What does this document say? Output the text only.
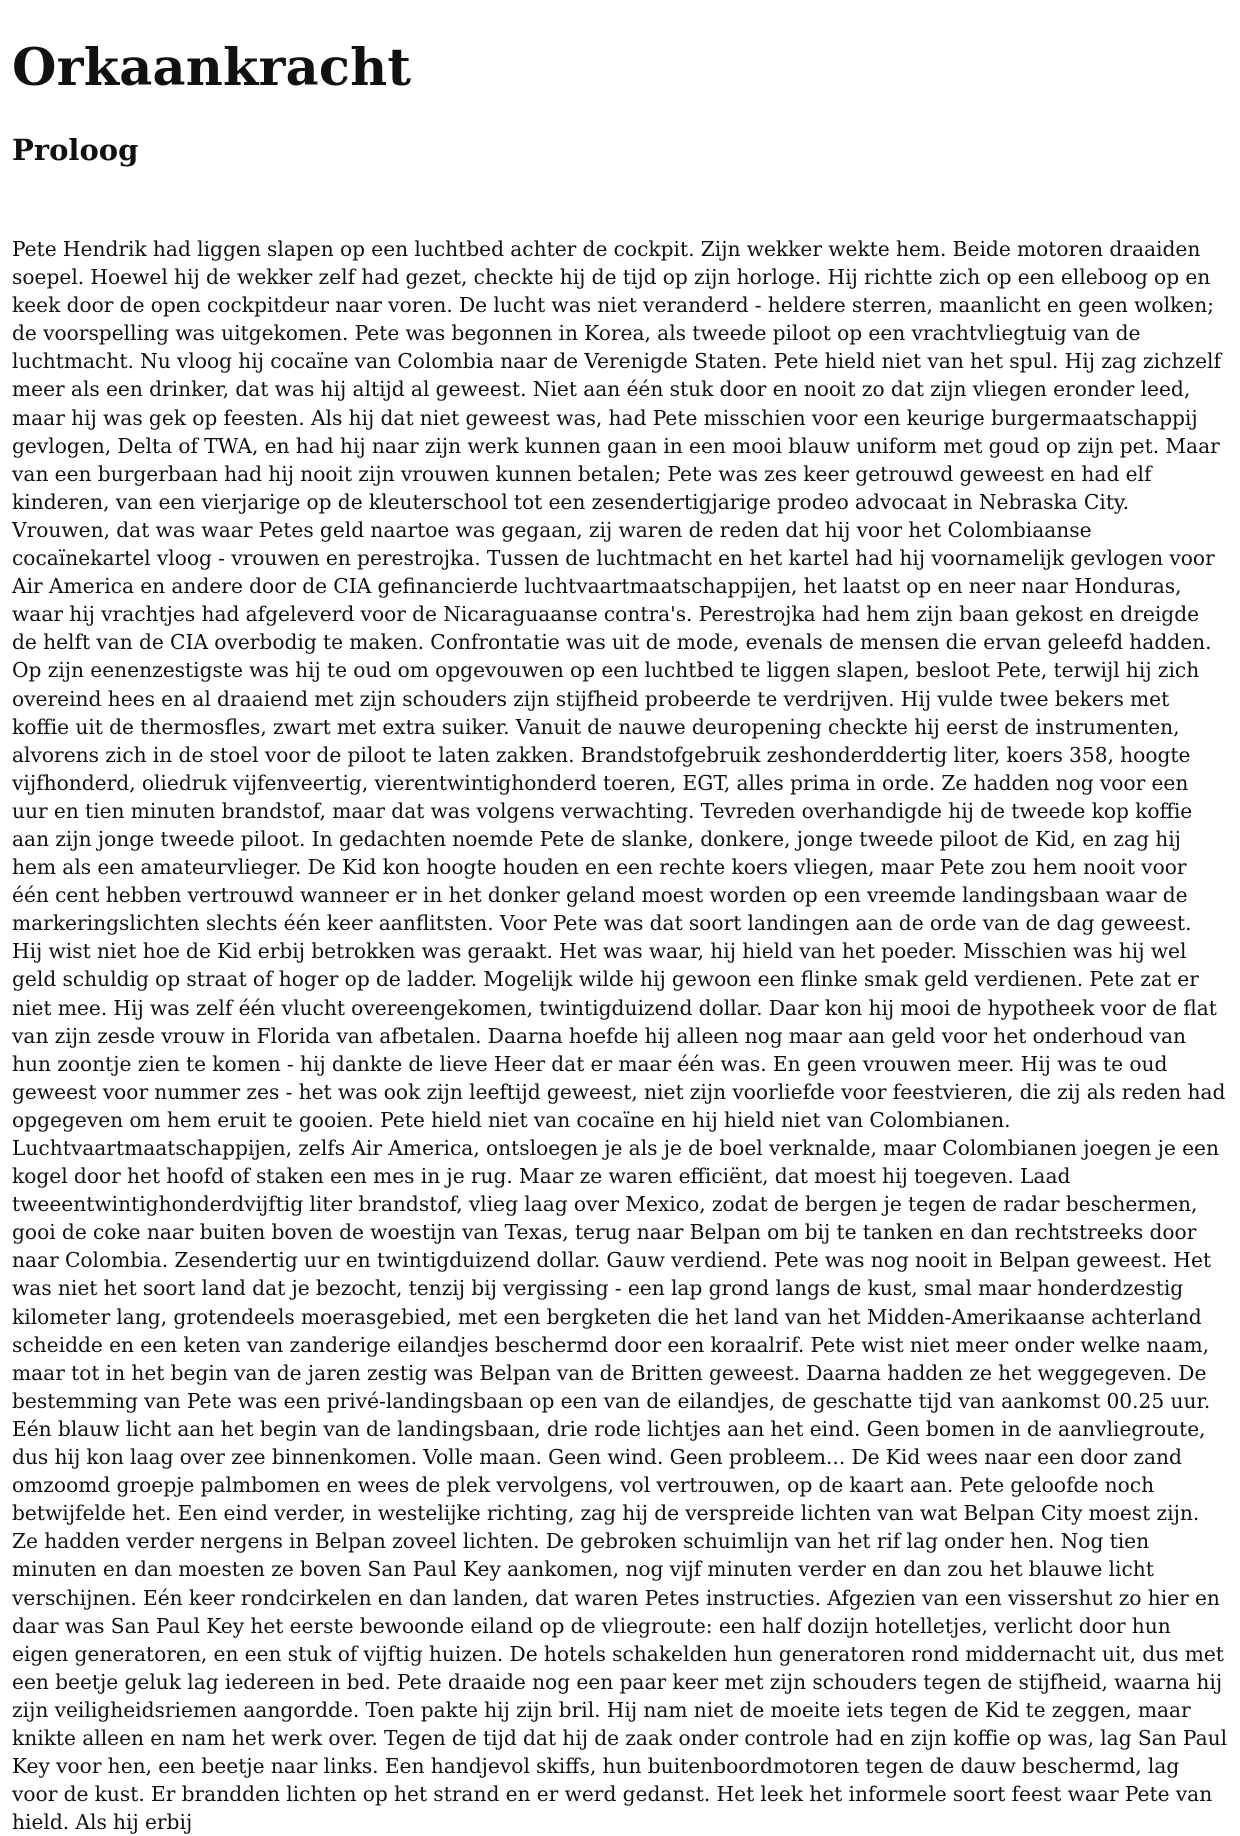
Orkaankracht
Proloog

Pete Hendrik had liggen slapen op een luchtbed achter de cockpit. Zijn wekker wekte hem. Beide motoren draaiden soepel. Hoewel hij de wekker zelf had gezet, checkte hij de tijd op zijn horloge. Hij richtte zich op een elleboog op en keek door de open cockpitdeur naar voren. De lucht was niet veranderd - heldere sterren, maanlicht en geen wolken; de voorspelling was uitgekomen. Pete was begonnen in Korea, als tweede piloot op een vrachtvliegtuig van de luchtmacht. Nu vloog hij cocaïne van Colombia naar de Verenigde Staten. Pete hield niet van het spul. Hij zag zichzelf meer als een drinker, dat was hij altijd al geweest. Niet aan één stuk door en nooit zo dat zijn vliegen eronder leed, maar hij was gek op feesten. Als hij dat niet geweest was, had Pete misschien voor een keurige burgermaatschappij gevlogen, Delta of TWA, en had hij naar zijn werk kunnen gaan in een mooi blauw uniform met goud op zijn pet. Maar van een burgerbaan had hij nooit zijn vrouwen kunnen betalen; Pete was zes keer getrouwd geweest en had elf kinderen, van een vierjarige op de kleuterschool tot een zesendertigjarige prodeo advocaat in Nebraska City. Vrouwen, dat was waar Petes geld naartoe was gegaan, zij waren de reden dat hij voor het Colombiaanse cocaïnekartel vloog - vrouwen en perestrojka. Tussen de luchtmacht en het kartel had hij voornamelijk gevlogen voor Air America en andere door de CIA gefinancierde luchtvaartmaatschappijen, het laatst op en neer naar Honduras, waar hij vrachtjes had afgeleverd voor de Nicaraguaanse contra's. Perestrojka had hem zijn baan gekost en dreigde de helft van de CIA overbodig te maken. Confrontatie was uit de mode, evenals de mensen die ervan geleefd hadden. Op zijn eenenzestigste was hij te oud om opgevouwen op een luchtbed te liggen slapen, besloot Pete, terwijl hij zich overeind hees en al draaiend met zijn schouders zijn stijfheid probeerde te verdrijven. Hij vulde twee bekers met koffie uit de thermosfles, zwart met extra suiker. Vanuit de nauwe deuropening checkte hij eerst de instrumenten, alvorens zich in de stoel voor de piloot te laten zakken. Brandstofgebruik zeshonderddertig liter, koers 358, hoogte vijfhonderd, oliedruk vijfenveertig, vierentwintighonderd toeren, EGT, alles prima in orde. Ze hadden nog voor een uur en tien minuten brandstof, maar dat was volgens verwachting. Tevreden overhandigde hij de tweede kop koffie aan zijn jonge tweede piloot. In gedachten noemde Pete de slanke, donkere, jonge tweede piloot de Kid, en zag hij hem als een amateurvlieger. De Kid kon hoogte houden en een rechte koers vliegen, maar Pete zou hem nooit voor één cent hebben vertrouwd wanneer er in het donker geland moest worden op een vreemde landingsbaan waar de markeringslichten slechts één keer aanflitsten. Voor Pete was dat soort landingen aan de orde van de dag geweest. Hij wist niet hoe de Kid erbij betrokken was geraakt. Het was waar, hij hield van het poeder. Misschien was hij wel geld schuldig op straat of hoger op de ladder. Mogelijk wilde hij gewoon een flinke smak geld verdienen. Pete zat er niet mee. Hij was zelf één vlucht overeengekomen, twintigduizend dollar. Daar kon hij mooi de hypotheek voor de flat van zijn zesde vrouw in Florida van afbetalen. Daarna hoefde hij alleen nog maar aan geld voor het onderhoud van hun zoontje zien te komen - hij dankte de lieve Heer dat er maar één was. En geen vrouwen meer. Hij was te oud geweest voor nummer zes - het was ook zijn leeftijd geweest, niet zijn voorliefde voor feestvieren, die zij als reden had opgegeven om hem eruit te gooien. Pete hield niet van cocaïne en hij hield niet van Colombianen. Luchtvaartmaatschappijen, zelfs Air America, ontsloegen je als je de boel verknalde, maar Colombianen joegen je een kogel door het hoofd of staken een mes in je rug. Maar ze waren efficiënt, dat moest hij toegeven. Laad tweeentwintighonderdvijftig liter brandstof, vlieg laag over Mexico, zodat de bergen je tegen de radar beschermen, gooi de coke naar buiten boven de woestijn van Texas, terug naar Belpan om bij te tanken en dan rechtstreeks door naar Colombia. Zesendertig uur en twintigduizend dollar. Gauw verdiend. Pete was nog nooit in Belpan geweest. Het was niet het soort land dat je bezocht, tenzij bij vergissing - een lap grond langs de kust, smal maar honderdzestig kilometer lang, grotendeels moerasgebied, met een bergketen die het land van het Midden-Amerikaanse achterland scheidde en een keten van zanderige eilandjes beschermd door een koraalrif. Pete wist niet meer onder welke naam, maar tot in het begin van de jaren zestig was Belpan van de Britten geweest. Daarna hadden ze het weggegeven. De bestemming van Pete was een privé-landingsbaan op een van de eilandjes, de geschatte tijd van aankomst 00.25 uur. Eén blauw licht aan het begin van de landingsbaan, drie rode lichtjes aan het eind. Geen bomen in de aanvliegroute, dus hij kon laag over zee binnenkomen. Volle maan. Geen wind. Geen probleem... De Kid wees naar een door zand omzoomd groepje palmbomen en wees de plek vervolgens, vol vertrouwen, op de kaart aan. Pete geloofde noch betwijfelde het. Een eind verder, in westelijke richting, zag hij de verspreide lichten van wat Belpan City moest zijn. Ze hadden verder nergens in Belpan zoveel lichten. De gebroken schuimlijn van het rif lag onder hen. Nog tien minuten en dan moesten ze boven San Paul Key aankomen, nog vijf minuten verder en dan zou het blauwe licht verschijnen. Eén keer rondcirkelen en dan landen, dat waren Petes instructies. Afgezien van een vissershut zo hier en daar was San Paul Key het eerste bewoonde eiland op de vliegroute: een half dozijn hotelletjes, verlicht door hun eigen generatoren, en een stuk of vijftig huizen. De hotels schakelden hun generatoren rond middernacht uit, dus met een beetje geluk lag iedereen in bed. Pete draaide nog een paar keer met zijn schouders tegen de stijfheid, waarna hij zijn veiligheidsriemen aangordde. Toen pakte hij zijn bril. Hij nam niet de moeite iets tegen de Kid te zeggen, maar knikte alleen en nam het werk over. Tegen de tijd dat hij de zaak onder controle had en zijn koffie op was, lag San Paul Key voor hen, een beetje naar links. Een handjevol skiffs, hun buitenboordmotoren tegen de dauw beschermd, lag voor de kust. Er brandden lichten op het strand en er werd gedanst. Het leek het informele soort feest waar Pete van hield. Als hij erbij
